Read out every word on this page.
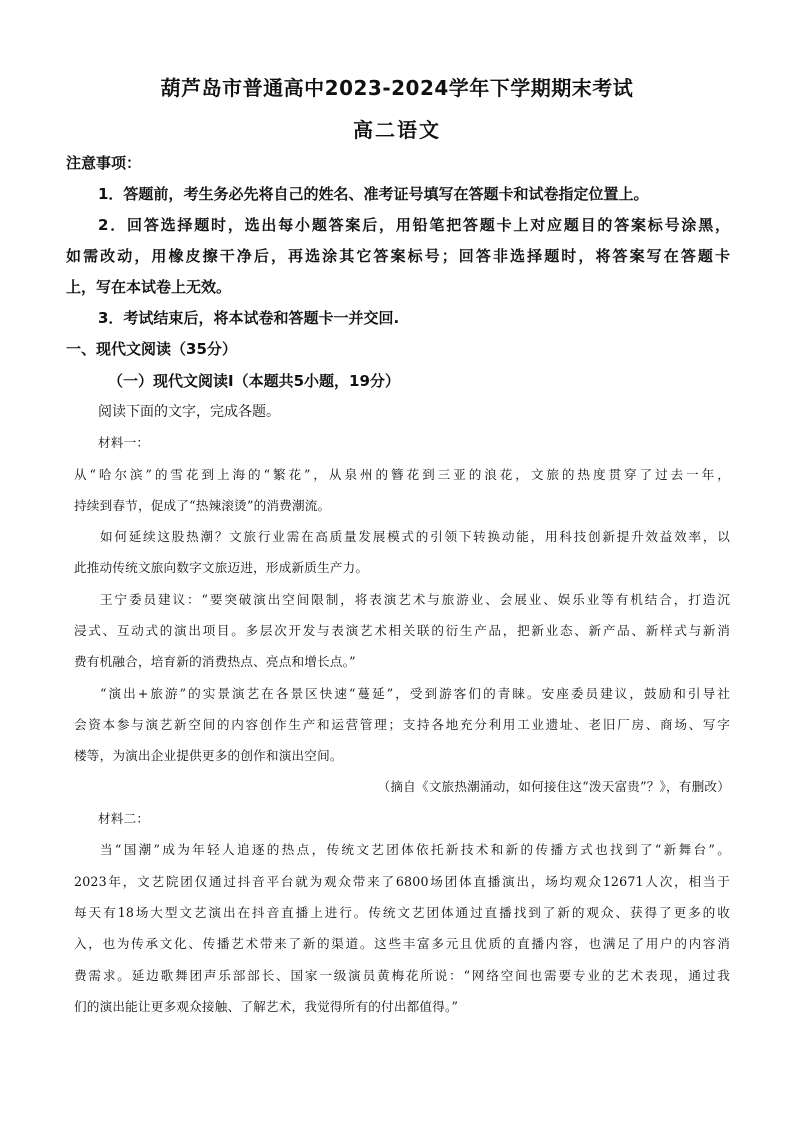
葫芦岛市普通高中2023-2024学年下学期期末考试
高二语文
注意事项：
1．答题前，考生务必先将自己的姓名、准考证号填写在答题卡和试卷指定位置上。
2．回答选择题时，选出每小题答案后，用铅笔把答题卡上对应题目的答案标号涂黑，
如需改动，用橡皮擦干净后，再选涂其它答案标号；回答非选择题时，将答案写在答题卡
上，写在本试卷上无效。
3．考试结束后，将本试卷和答题卡一并交回.
一、现代文阅读（35分）
（一）现代文阅读Ⅰ（本题共5小题，19分）
阅读下面的文字，完成各题。
材料一：
从“哈尔滨”的雪花到上海的“繁花”，从泉州的簪花到三亚的浪花，文旅的热度贯穿了过去一年，
持续到春节，促成了“热辣滚烫”的消费潮流。
如何延续这股热潮？文旅行业需在高质量发展模式的引领下转换动能，用科技创新提升效益效率，以
此推动传统文旅向数字文旅迈进，形成新质生产力。
王宁委员建议：“要突破演出空间限制，将表演艺术与旅游业、会展业、娱乐业等有机结合，打造沉
浸式、互动式的演出项目。多层次开发与表演艺术相关联的衍生产品，把新业态、新产品、新样式与新消
费有机融合，培育新的消费热点、亮点和增长点。”
“演出+旅游”的实景演艺在各景区快速“蔓延”，受到游客们的青睐。安座委员建议，鼓励和引导社
会资本参与演艺新空间的内容创作生产和运营管理；支持各地充分利用工业遗址、老旧厂房、商场、写字
楼等，为演出企业提供更多的创作和演出空间。
（摘自《文旅热潮涌动，如何接住这“泼天富贵”？》，有删改）
材料二：
当“国潮”成为年轻人追逐的热点，传统文艺团体依托新技术和新的传播方式也找到了“新舞台”。
2023年，文艺院团仅通过抖音平台就为观众带来了6800场团体直播演出，场均观众12671人次，相当于
每天有18场大型文艺演出在抖音直播上进行。传统文艺团体通过直播找到了新的观众、获得了更多的收
入，也为传承文化、传播艺术带来了新的渠道。这些丰富多元且优质的直播内容，也满足了用户的内容消
费需求。延边歌舞团声乐部部长、国家一级演员黄梅花所说：“网络空间也需要专业的艺术表现，通过我
们的演出能让更多观众接触、了解艺术，我觉得所有的付出都值得。”
